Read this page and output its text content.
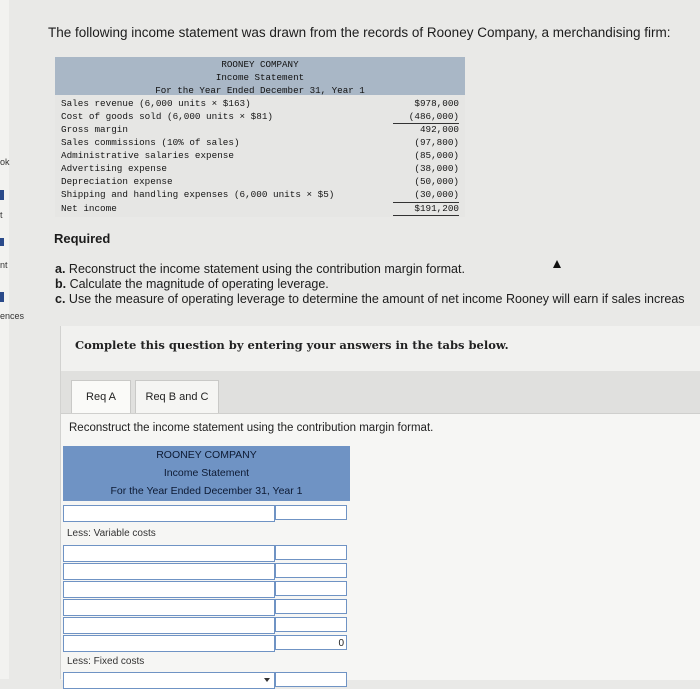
ok
t
nt
ences
The following income statement was drawn from the records of Rooney Company, a merchandising firm:
ROONEY COMPANY
Income Statement
For the Year Ended December 31, Year 1
Sales revenue (6,000 units × $163)	$978,000
Cost of goods sold (6,000 units × $81)	(486,000)
Gross margin	492,000
Sales commissions (10% of sales)	(97,800)
Administrative salaries expense	(85,000)
Advertising expense	(38,000)
Depreciation expense	(50,000)
Shipping and handling expenses (6,000 units × $5)	(30,000)
Net income	$191,200
Required
a. Reconstruct the income statement using the contribution margin format.
b. Calculate the magnitude of operating leverage.
c. Use the measure of operating leverage to determine the amount of net income Rooney will earn if sales increas
Complete this question by entering your answers in the tabs below.
Req A	Req B and C
Reconstruct the income statement using the contribution margin format.
ROONEY COMPANY
Income Statement
For the Year Ended December 31, Year 1
Less: Variable costs
0
Less: Fixed costs
